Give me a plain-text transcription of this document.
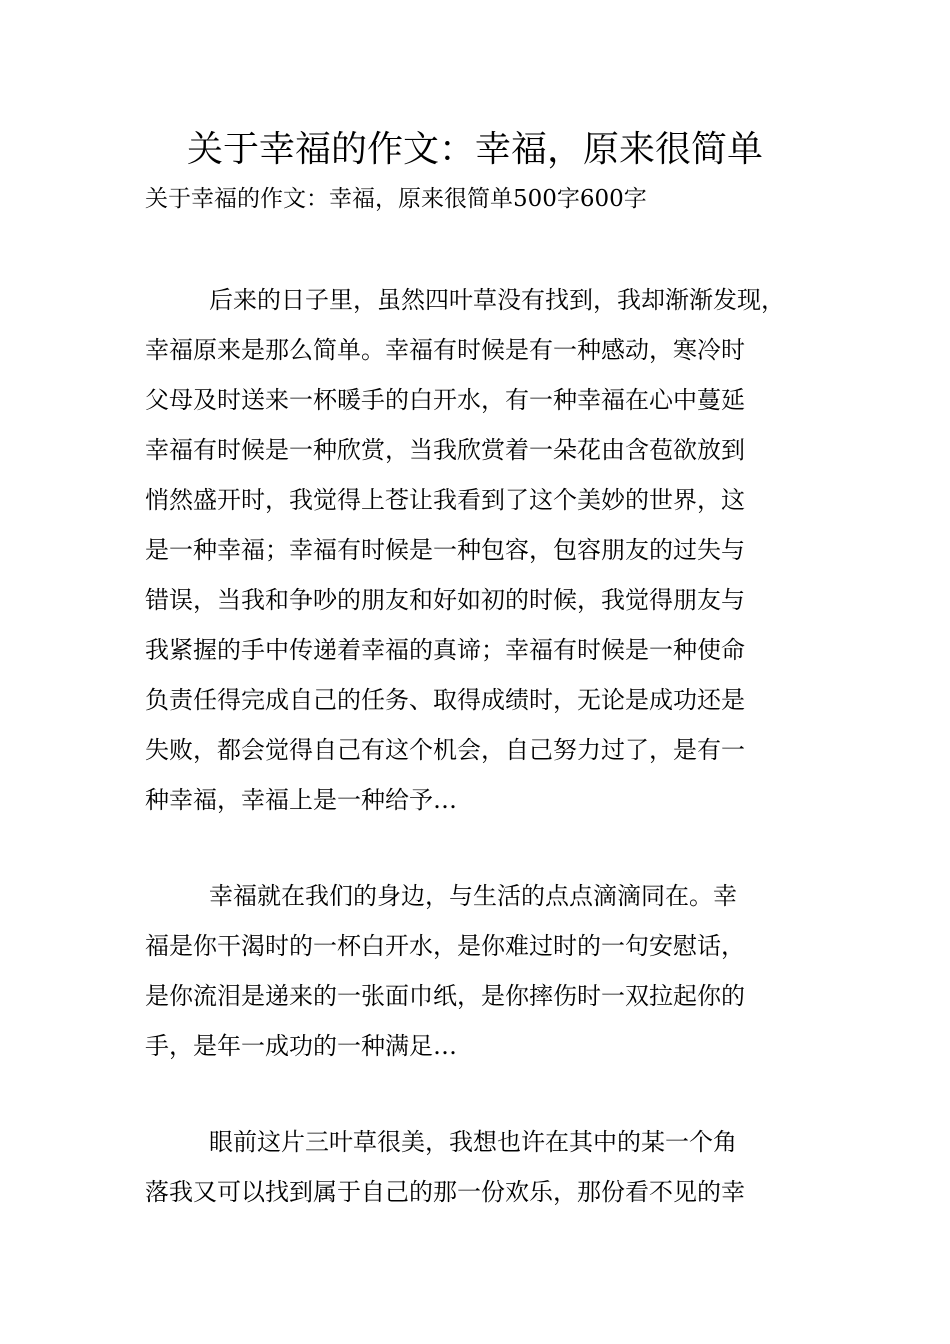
关于幸福的作文：幸福，原来很简单

关于幸福的作文：幸福，原来很简单500字600字

后来的日子里，虽然四叶草没有找到，我却渐渐发现，
幸福原来是那么简单。幸福有时候是有一种感动，寒冷时
父母及时送来一杯暖手的白开水，有一种幸福在心中蔓延
幸福有时候是一种欣赏，当我欣赏着一朵花由含苞欲放到
悄然盛开时，我觉得上苍让我看到了这个美妙的世界，这
是一种幸福；幸福有时候是一种包容，包容朋友的过失与
错误，当我和争吵的朋友和好如初的时候，我觉得朋友与
我紧握的手中传递着幸福的真谛；幸福有时候是一种使命
负责任得完成自己的任务、取得成绩时，无论是成功还是
失败，都会觉得自己有这个机会，自己努力过了，是有一
种幸福，幸福上是一种给予…
幸福就在我们的身边，与生活的点点滴滴同在。幸
福是你干渴时的一杯白开水，是你难过时的一句安慰话，
是你流泪是递来的一张面巾纸，是你摔伤时一双拉起你的
手，是年一成功的一种满足…
眼前这片三叶草很美，我想也许在其中的某一个角
落我又可以找到属于自己的那一份欢乐，那份看不见的幸
